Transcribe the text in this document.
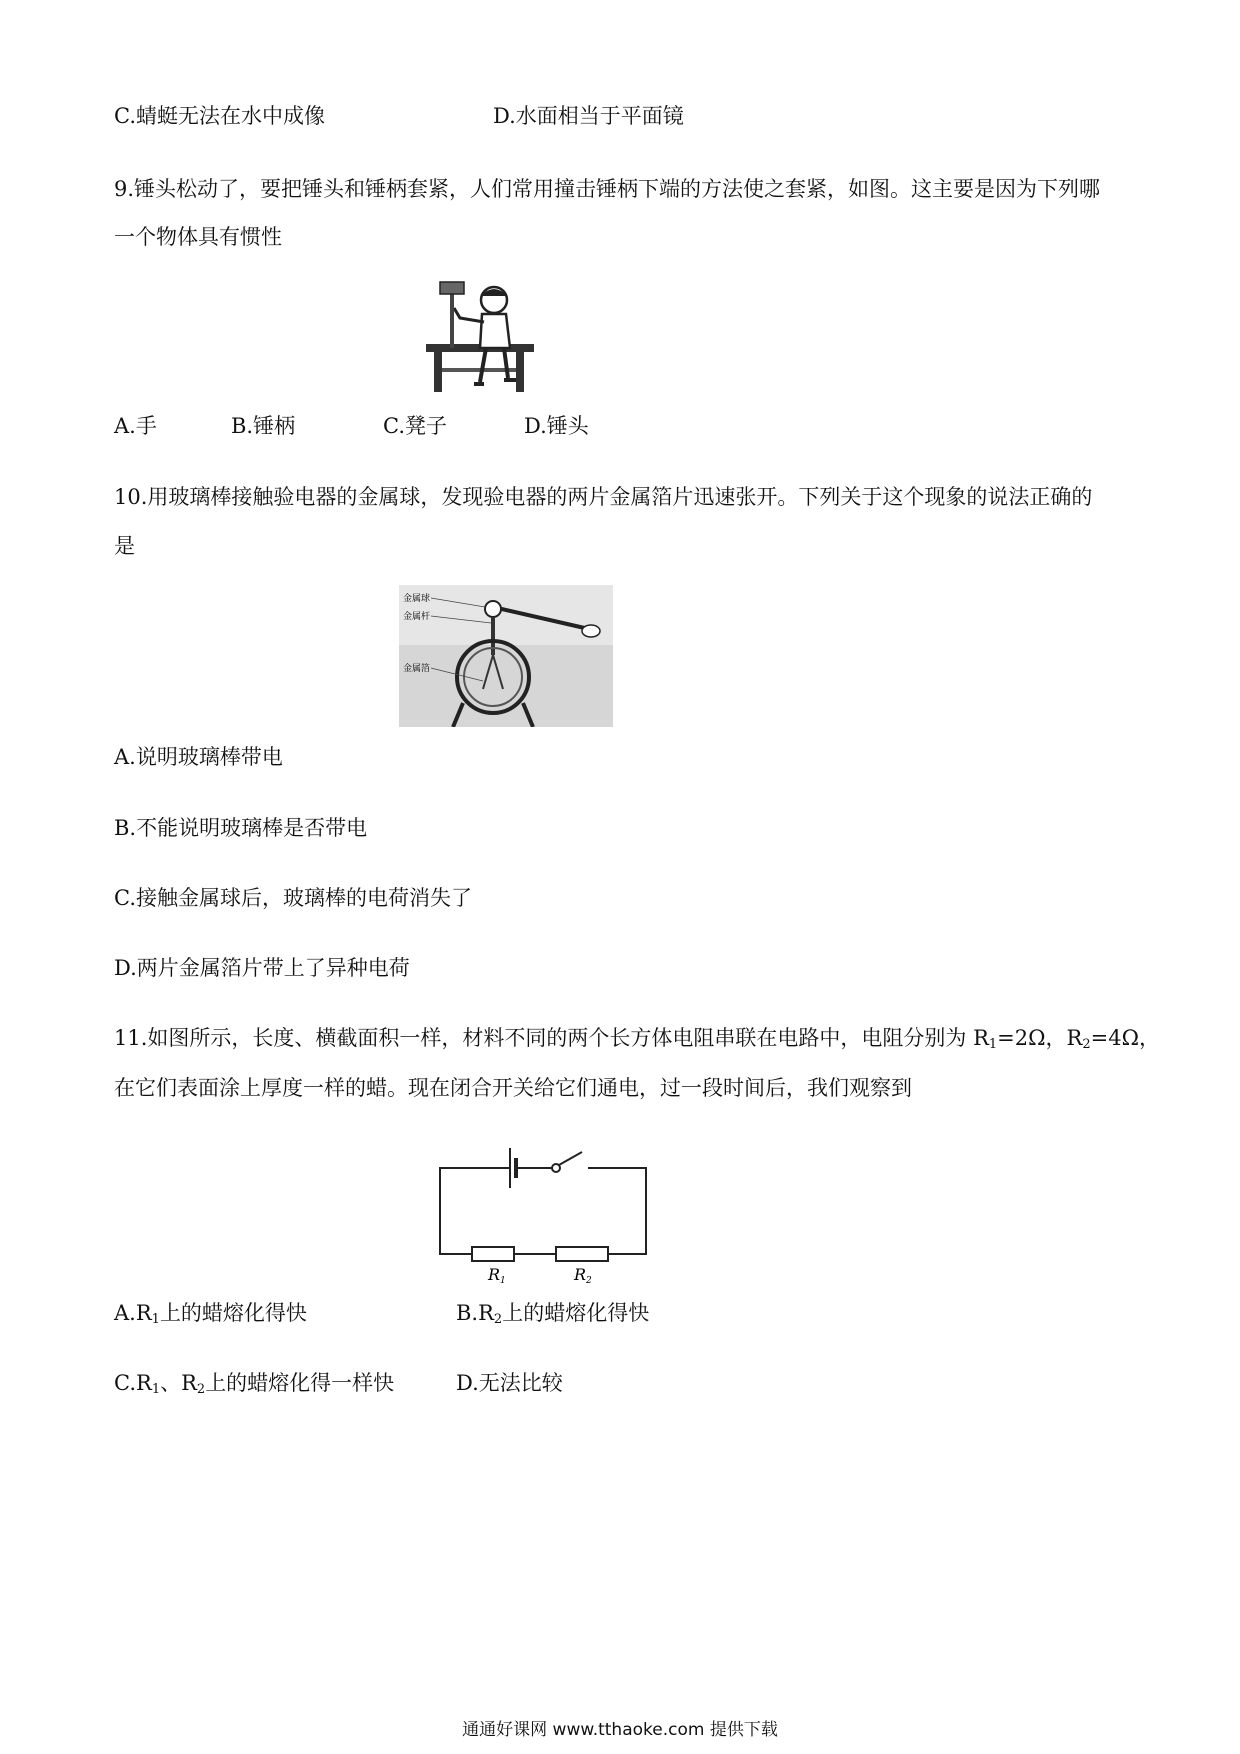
C.蜻蜓无法在水中成像	D.水面相当于平面镜
9.锤头松动了，要把锤头和锤柄套紧，人们常用撞击锤柄下端的方法使之套紧，如图。这主要是因为下列哪
一个物体具有惯性
A.手	B.锤柄	C.凳子	D.锤头
10.用玻璃棒接触验电器的金属球，发现验电器的两片金属箔片迅速张开。下列关于这个现象的说法正确的
是
金属球
金属杆
金属箔
A.说明玻璃棒带电
B.不能说明玻璃棒是否带电
C.接触金属球后，玻璃棒的电荷消失了
D.两片金属箔片带上了异种电荷
11.如图所示，长度、横截面积一样，材料不同的两个长方体电阻串联在电路中，电阻分别为 $R_1=2\Omega$，$R_2=4\Omega$，
在它们表面涂上厚度一样的蜡。现在闭合开关给它们通电，过一段时间后，我们观察到
R1	R2
$A.R_1$上的蜡熔化得快	$B.R_2$上的蜡熔化得快
$C.R_1$、$R_2$上的蜡熔化得一样快	D.无法比较
通通好课网 www.tthaoke.com 提供下载
